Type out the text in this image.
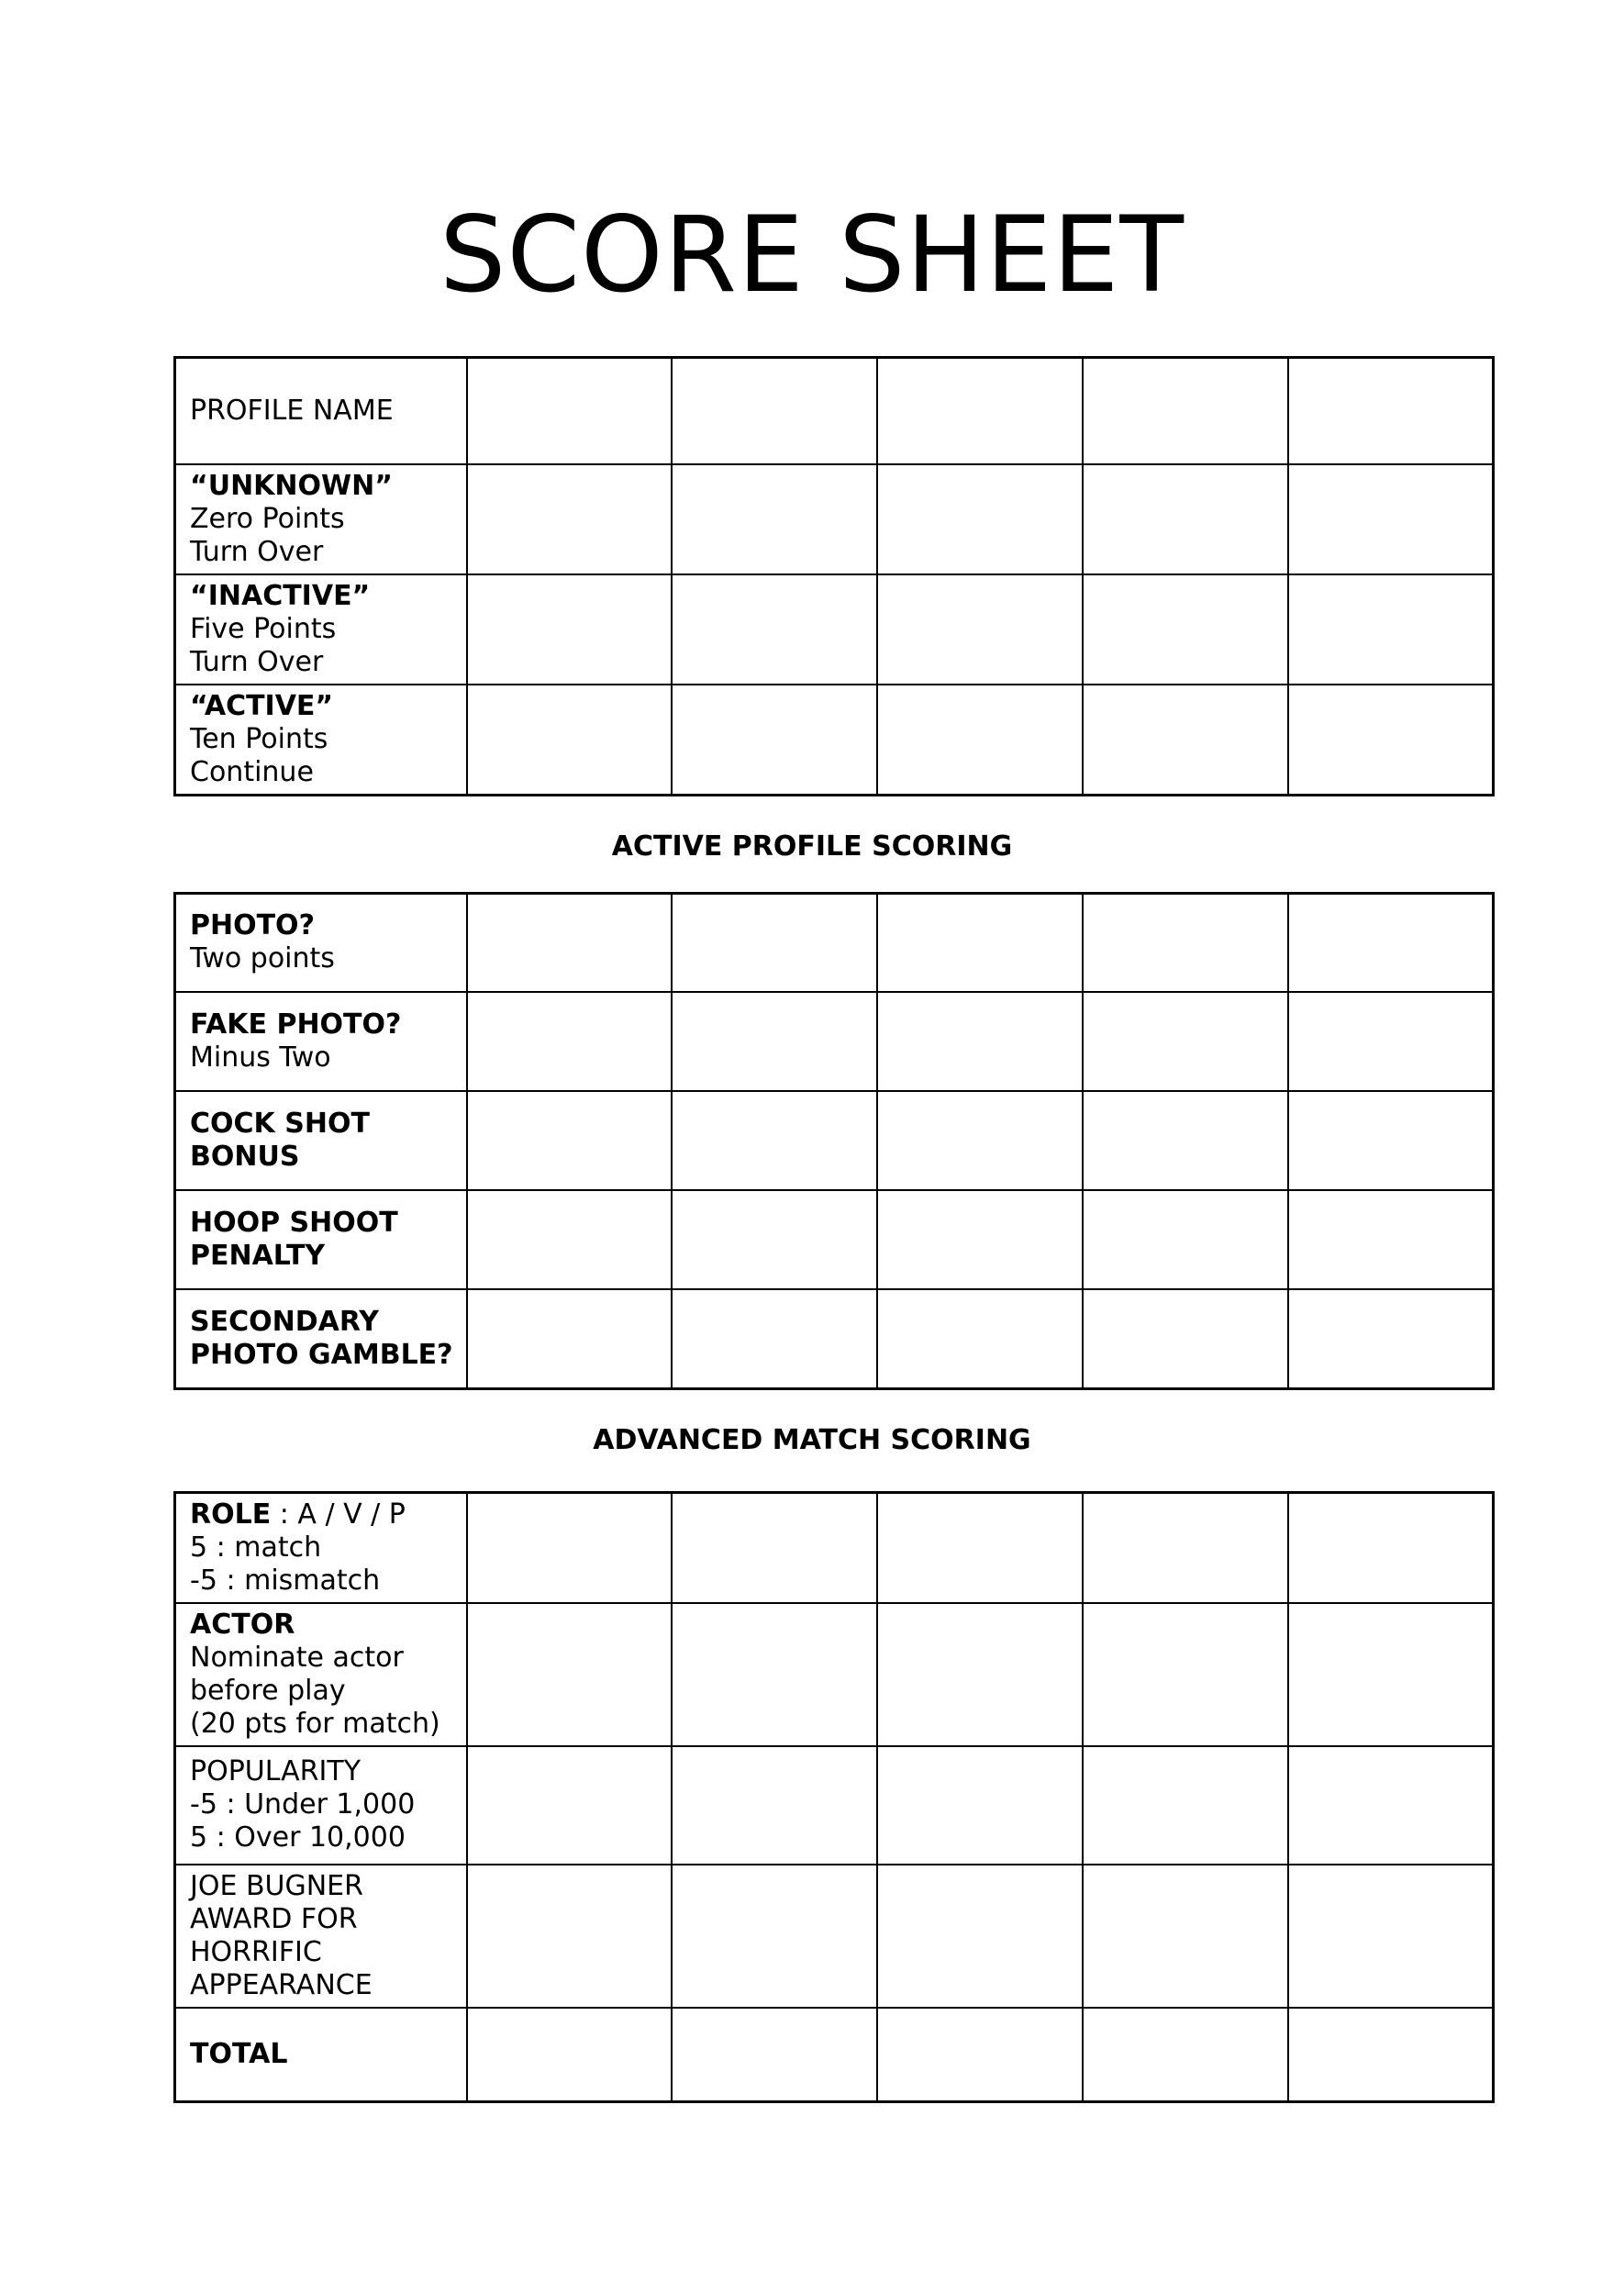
SCORE SHEET
PROFILE NAME					

“UNKNOWN”
Zero Points
Turn Over					

“INACTIVE”
Five Points
Turn Over					

“ACTIVE”
Ten Points
Continue					

ACTIVE PROFILE SCORING
PHOTO?
Two points					

FAKE PHOTO?
Minus Two					

COCK SHOT
BONUS					

HOOP SHOOT
PENALTY					

SECONDARY
PHOTO GAMBLE?					

ADVANCED MATCH SCORING
ROLE : A / V / P
5 : match
-5 : mismatch					

ACTOR
Nominate actor
before play
(20 pts for match)					

POPULARITY
-5 : Under 1,000
5 : Over 10,000					

JOE BUGNER
AWARD FOR
HORRIFIC
APPEARANCE					

TOTAL					
